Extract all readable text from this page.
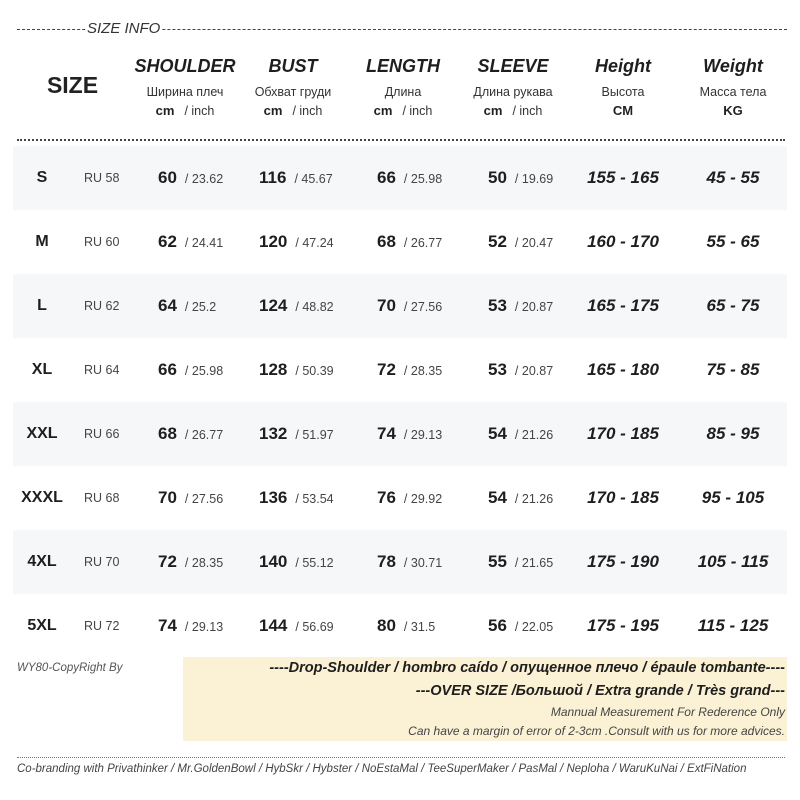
SIZE INFO
SIZE
SHOULDER
Ширина плеч
cm / inch
BUST
Обхват груди
cm / inch
LENGTH
Длина
cm / inch
SLEEVE
Длина рукава
cm / inch
Height
Высота
CM
Weight
Масса тела
KG
S	RU 58 60 / 23.62 116 / 45.67	66 / 25.98	50 / 19.69	155 - 165	45 - 55
M	RU 60 62 / 24.41 120 / 47.24	68 / 26.77	52 / 20.47	160 - 170	55 - 65
L	RU 62 64 / 25.2	124 / 48.82	70 / 27.56	53 / 20.87	165 - 175	65 - 75
XL	RU 64 66 / 25.98 128 / 50.39	72 / 28.35	53 / 20.87	165 - 180	75 - 85
XXL	RU 66 68 / 26.77 132 / 51.97	74 / 29.13	54 / 21.26	170 - 185	85 - 95
XXXL	RU 68 70 / 27.56 136 / 53.54	76 / 29.92	54 / 21.26	170 - 185	95 - 105
4XL	RU 70 72 / 28.35 140 / 55.12	78 / 30.71	55 / 21.65	175 - 190	105 - 115
5XL	RU 72 74 / 29.13 144 / 56.69	80 / 31.5	56 / 22.05	175 - 195	115 - 125
WY80-CopyRight By	----Drop-Shoulder / hombro caído / опущенное плечо / épaule tombante----
---OVER SIZE /Большой / Extra grande / Très grand---
Mannual Measurement For Rederence Only
Can have a margin of error of 2-3cm .Consult with us for more advices.
Co-branding with Privathinker / Mr.GoldenBowl / HybSkr / Hybster / NoEstaMal / TeeSuperMaker / PasMal / Neploha / WaruKuNai / ExtFiNation
